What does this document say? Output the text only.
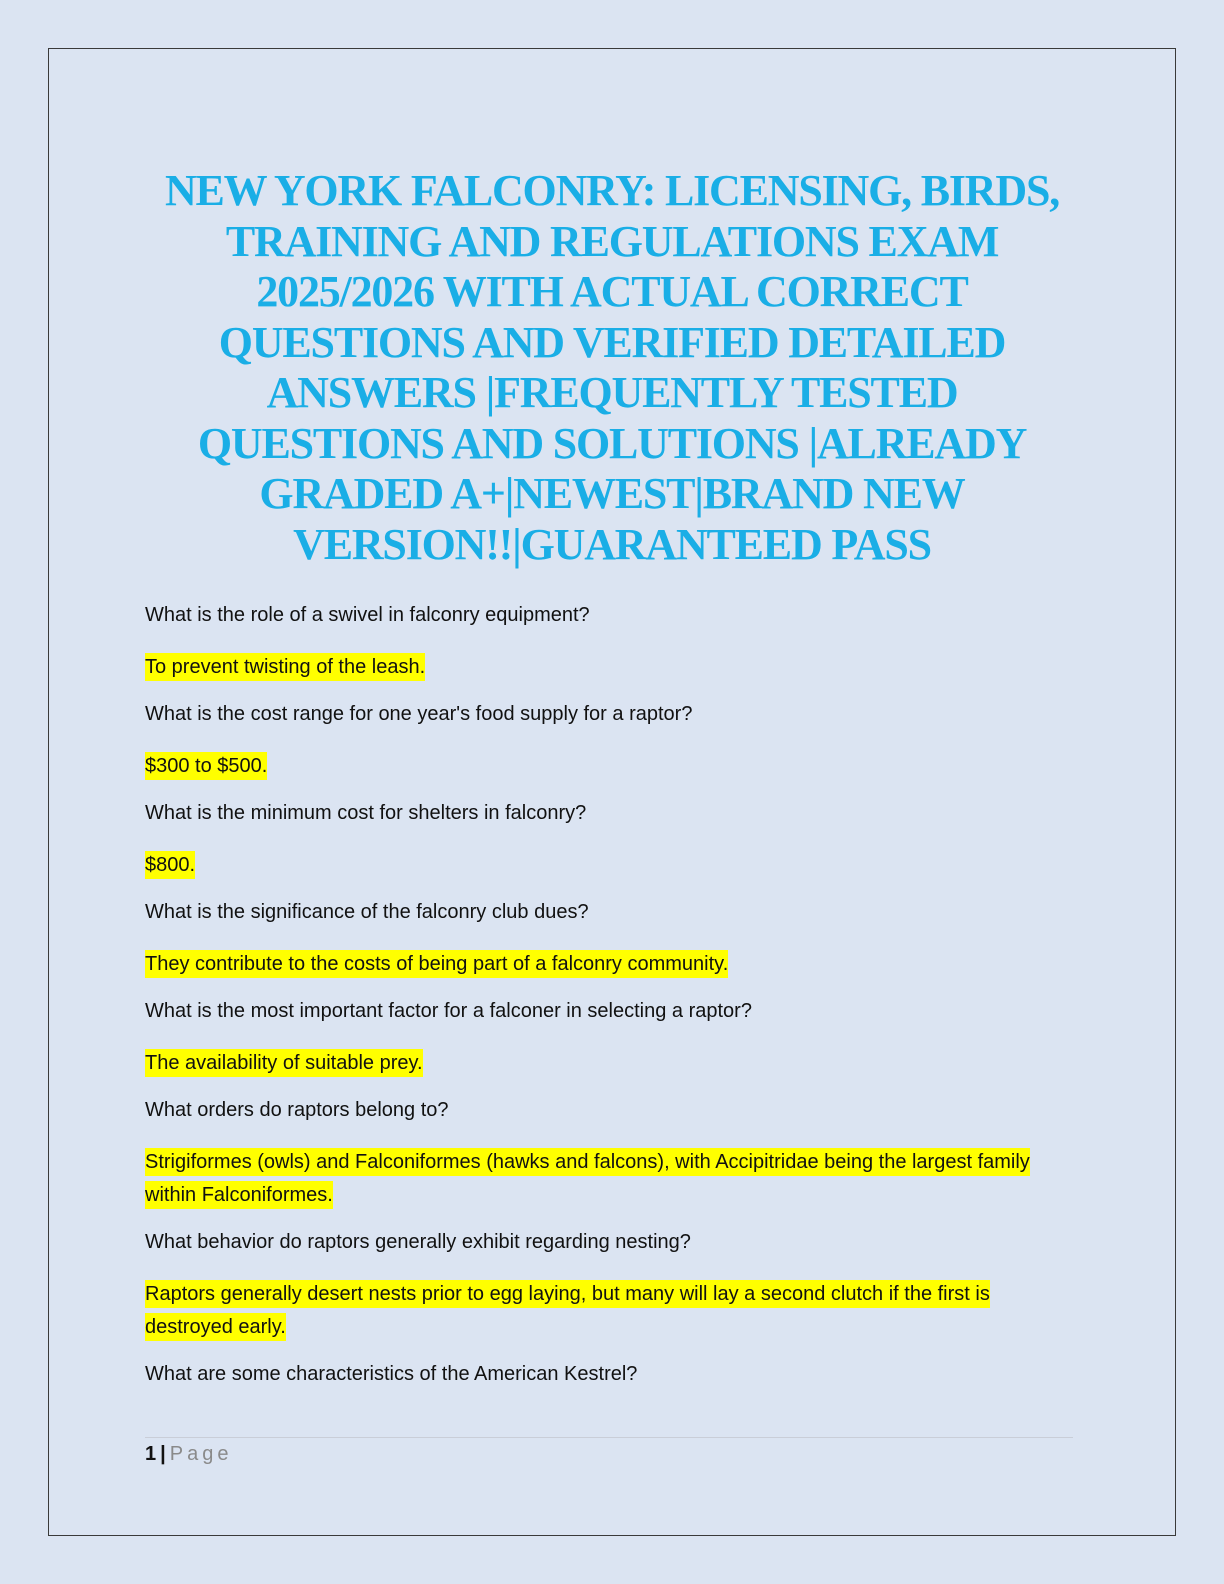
NEW YORK FALCONRY: LICENSING, BIRDS, TRAINING AND REGULATIONS EXAM 2025/2026 WITH ACTUAL CORRECT QUESTIONS AND VERIFIED DETAILED ANSWERS |FREQUENTLY TESTED QUESTIONS AND SOLUTIONS |ALREADY GRADED A+|NEWEST|BRAND NEW VERSION!!|GUARANTEED PASS

What is the role of a swivel in falconry equipment?

To prevent twisting of the leash.

What is the cost range for one year's food supply for a raptor?

$300 to $500.

What is the minimum cost for shelters in falconry?

$800.

What is the significance of the falconry club dues?

They contribute to the costs of being part of a falconry community.

What is the most important factor for a falconer in selecting a raptor?

The availability of suitable prey.

What orders do raptors belong to?

Strigiformes (owls) and Falconiformes (hawks and falcons), with Accipitridae being the largest family within Falconiformes.

What behavior do raptors generally exhibit regarding nesting?

Raptors generally desert nests prior to egg laying, but many will lay a second clutch if the first is destroyed early.

What are some characteristics of the American Kestrel?

1 | Page
